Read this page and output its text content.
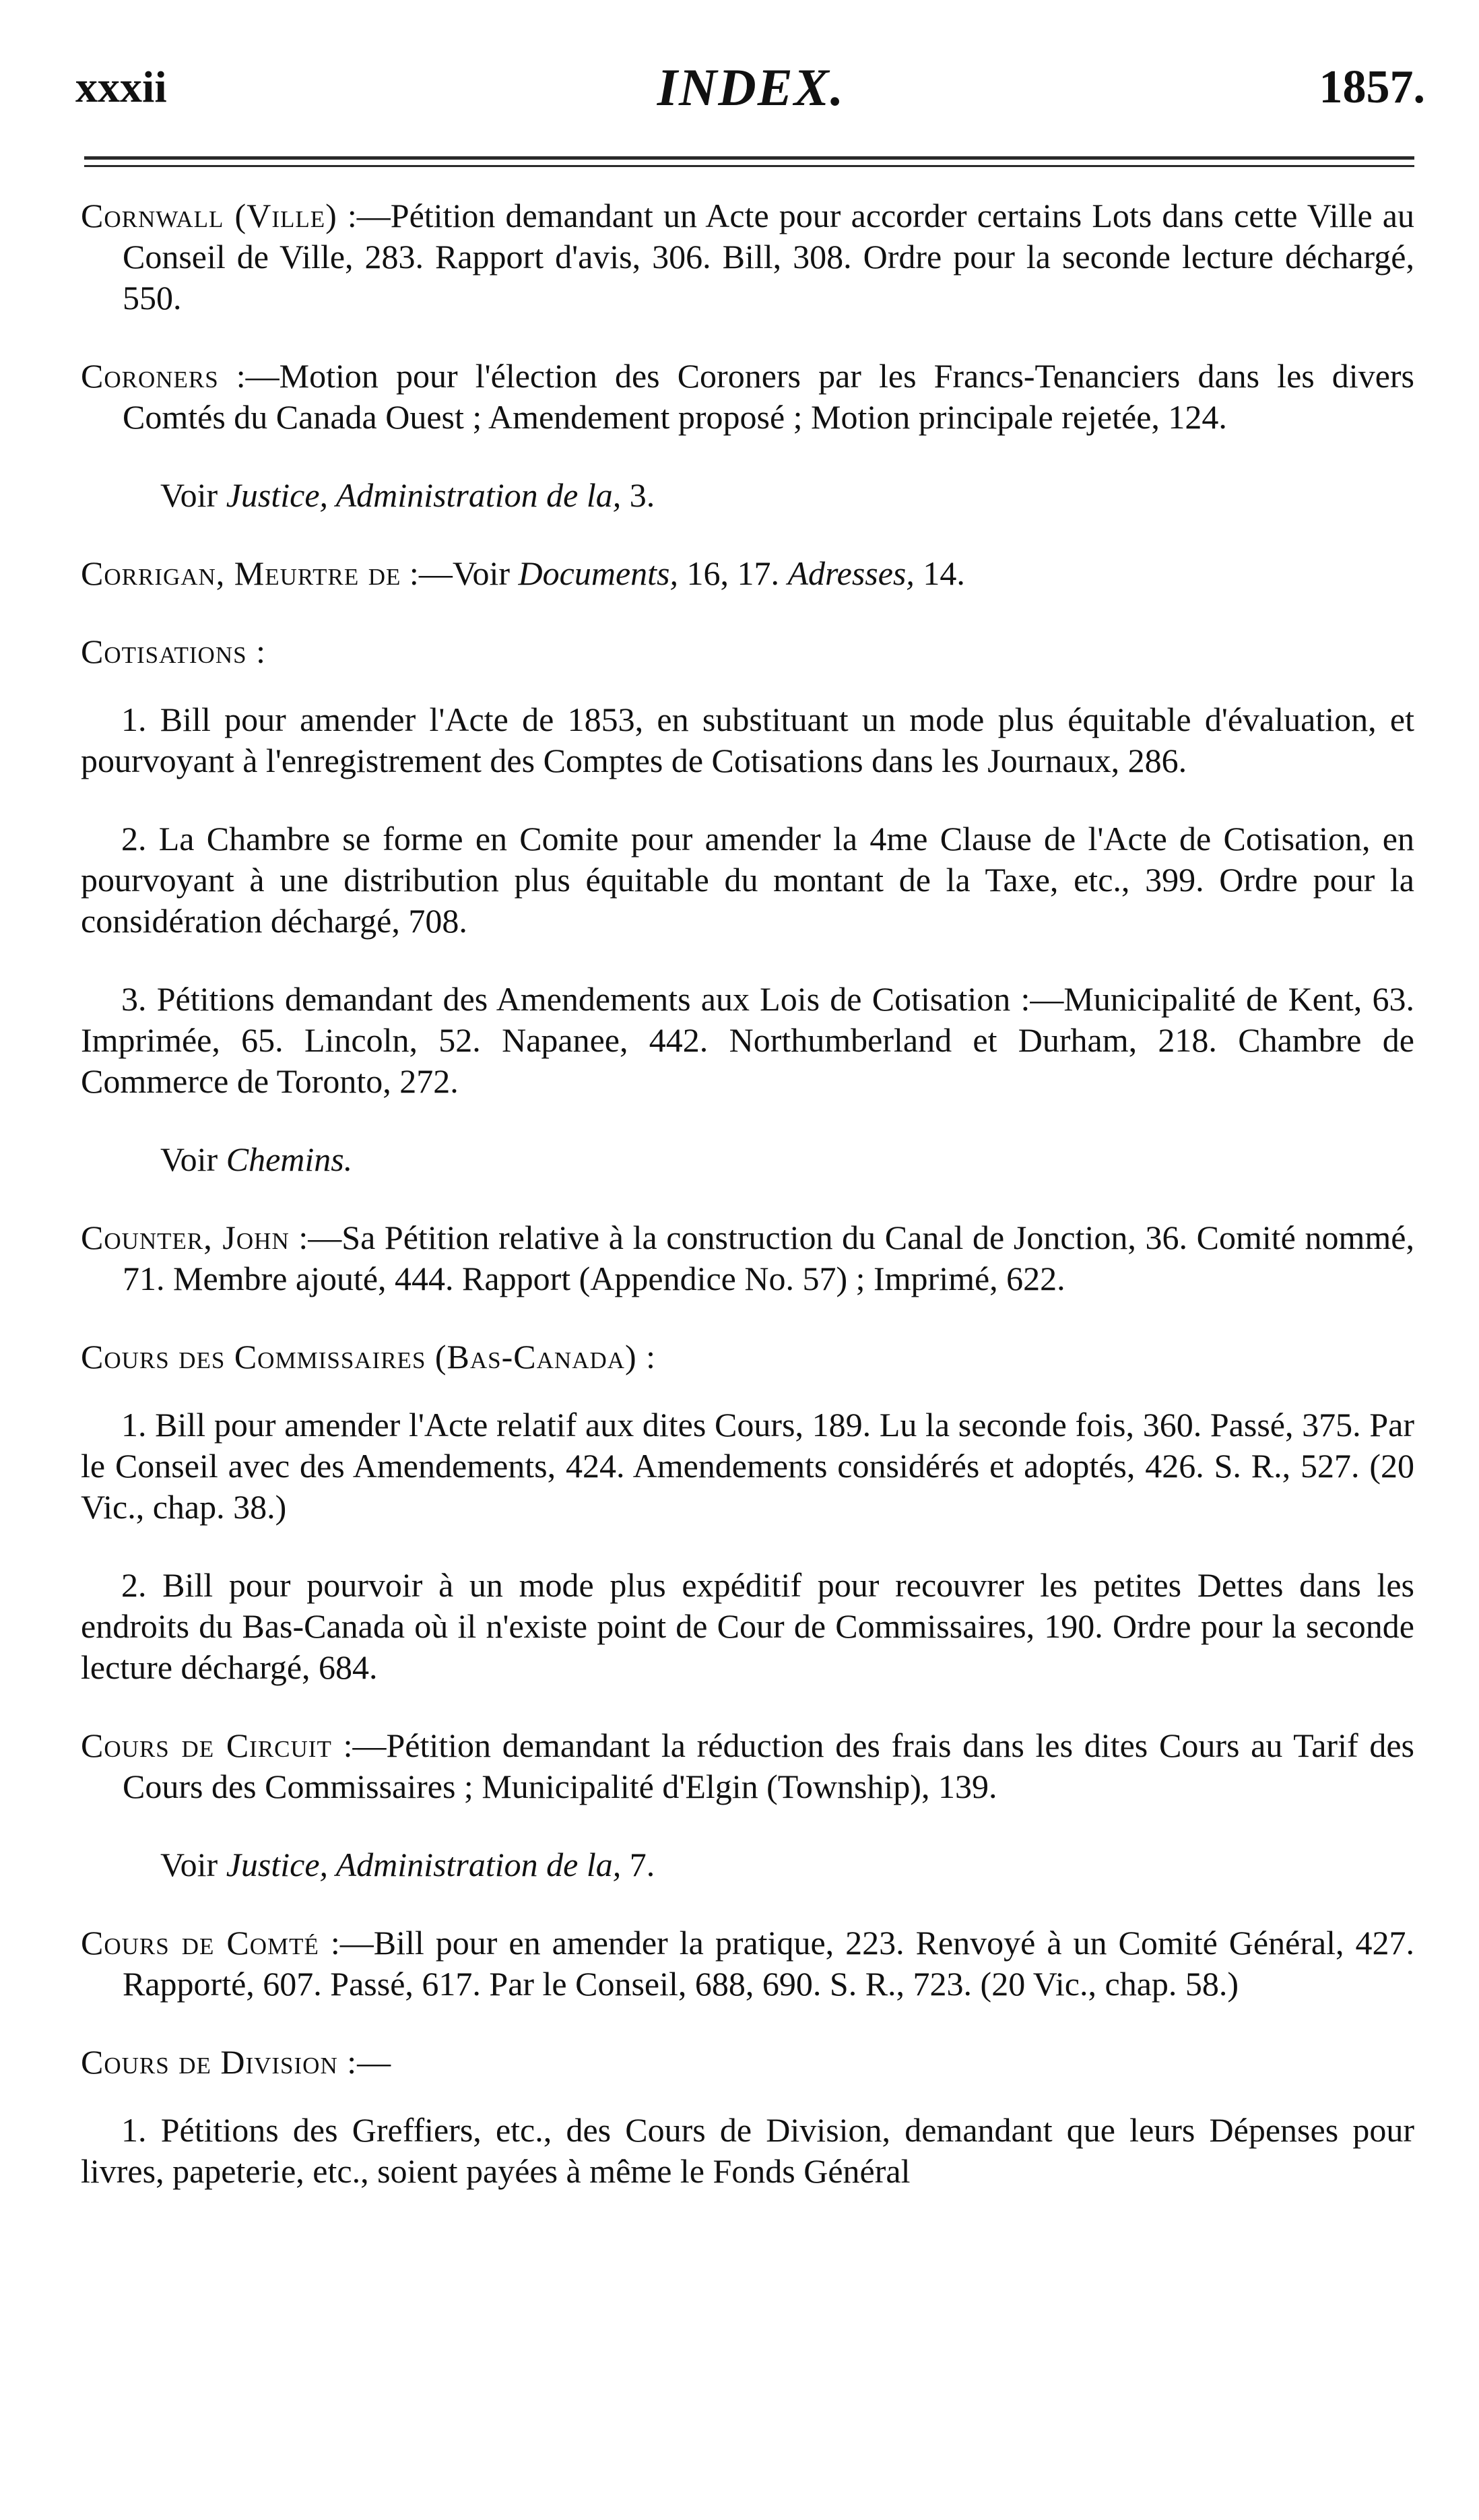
xxxii	INDEX.	1857.

Cornwall (Ville) :—Pétition demandant un Acte pour accorder certains Lots dans cette Ville au Conseil de Ville, 283. Rapport d'avis, 306. Bill, 308. Ordre pour la seconde lecture déchargé, 550.

Coroners :—Motion pour l'élection des Coroners par les Francs-Tenanciers dans les divers Comtés du Canada Ouest ; Amendement proposé ; Motion principale rejetée, 124.

Voir Justice, Administration de la, 3.

Corrigan, Meurtre de :—Voir Documents, 16, 17. Adresses, 14.

Cotisations :

1. Bill pour amender l'Acte de 1853, en substituant un mode plus équitable d'évaluation, et pourvoyant à l'enregistrement des Comptes de Cotisations dans les Journaux, 286.

2. La Chambre se forme en Comite pour amender la 4me Clause de l'Acte de Cotisation, en pourvoyant à une distribution plus équitable du montant de la Taxe, etc., 399. Ordre pour la considération déchargé, 708.

3. Pétitions demandant des Amendements aux Lois de Cotisation :—Municipalité de Kent, 63. Imprimée, 65. Lincoln, 52. Napanee, 442. Northumberland et Durham, 218. Chambre de Commerce de Toronto, 272.

Voir Chemins.

Counter, John :—Sa Pétition relative à la construction du Canal de Jonction, 36. Comité nommé, 71. Membre ajouté, 444. Rapport (Appendice No. 57) ; Imprimé, 622.

Cours des Commissaires (Bas-Canada) :

1. Bill pour amender l'Acte relatif aux dites Cours, 189. Lu la seconde fois, 360. Passé, 375. Par le Conseil avec des Amendements, 424. Amendements considérés et adoptés, 426. S. R., 527. (20 Vic., chap. 38.)

2. Bill pour pourvoir à un mode plus expéditif pour recouvrer les petites Dettes dans les endroits du Bas-Canada où il n'existe point de Cour de Commissaires, 190. Ordre pour la seconde lecture déchargé, 684.

Cours de Circuit :—Pétition demandant la réduction des frais dans les dites Cours au Tarif des Cours des Commissaires ; Municipalité d'Elgin (Township), 139.

Voir Justice, Administration de la, 7.

Cours de Comté :—Bill pour en amender la pratique, 223. Renvoyé à un Comité Général, 427. Rapporté, 607. Passé, 617. Par le Conseil, 688, 690. S. R., 723. (20 Vic., chap. 58.)

Cours de Division :—

1. Pétitions des Greffiers, etc., des Cours de Division, demandant que leurs Dépenses pour livres, papeterie, etc., soient payées à même le Fonds Général
